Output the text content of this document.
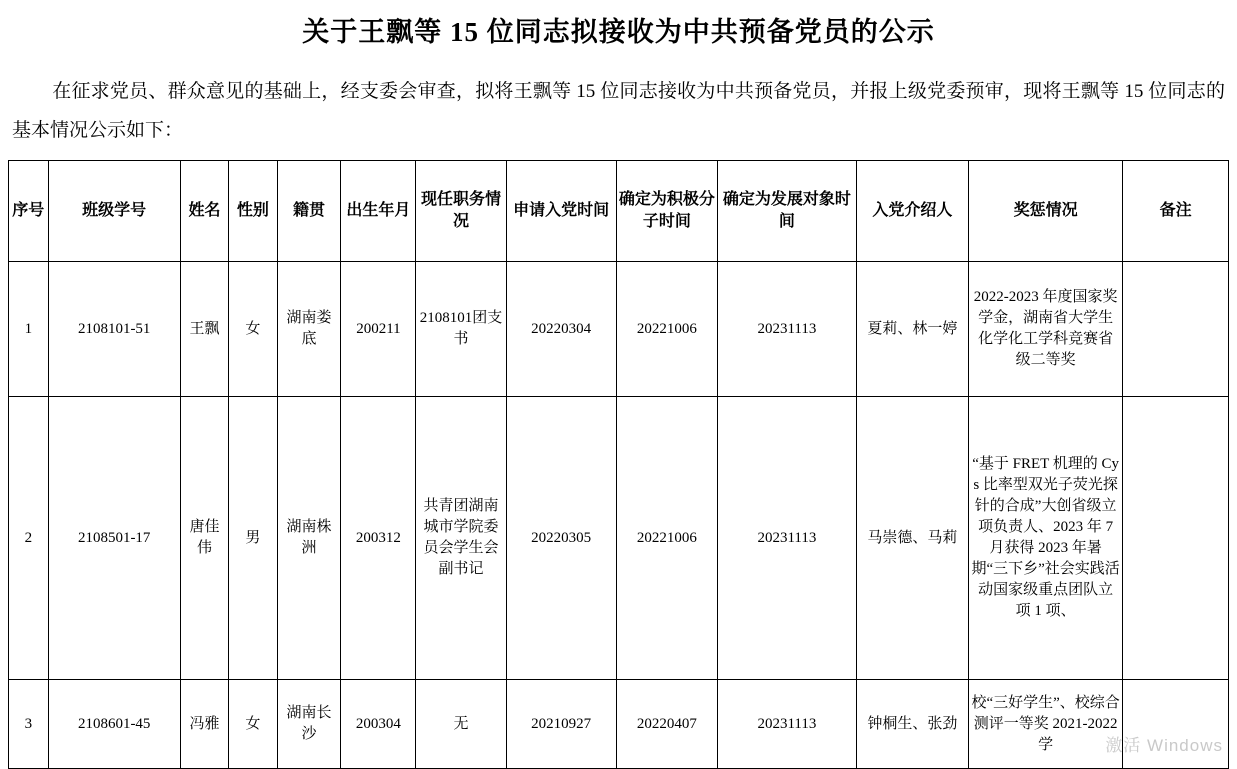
关于王飘等 15 位同志拟接收为中共预备党员的公示

在征求党员、群众意见的基础上，经支委会审查，拟将王飘等 15 位同志接收为中共预备党员，并报上级党委预审，现将王飘等 15 位同志的基本情况公示如下：

序号	班级学号	姓名	性别	籍贯	出生年月	现任职务情况	申请入党时间	确定为积极分子时间	确定为发展对象时间	入党介绍人	奖惩情况	备注
1	2108101-51	王飘	女	湖南娄底	200211	2108101团支书	20220304	20221006	20231113	夏莉、林一婷	2022-2023 年度国家奖学金，湖南省大学生化学化工学科竞赛省级二等奖	
2	2108501-17	唐佳伟	男	湖南株洲	200312	共青团湖南城市学院委员会学生会副书记	20220305	20221006	20231113	马崇德、马莉	“基于 FRET 机理的 Cys 比率型双光子荧光探针的合成”大创省级立项负责人、2023 年 7 月获得 2023 年暑期“三下乡”社会实践活动国家级重点团队立项 1 项、	
3	2108601-45	冯雅	女	湖南长沙	200304	无	20210927	20220407	20231113	钟桐生、张劲	校“三好学生”、校综合测评一等奖 2021-2022 学		激活 Windows
